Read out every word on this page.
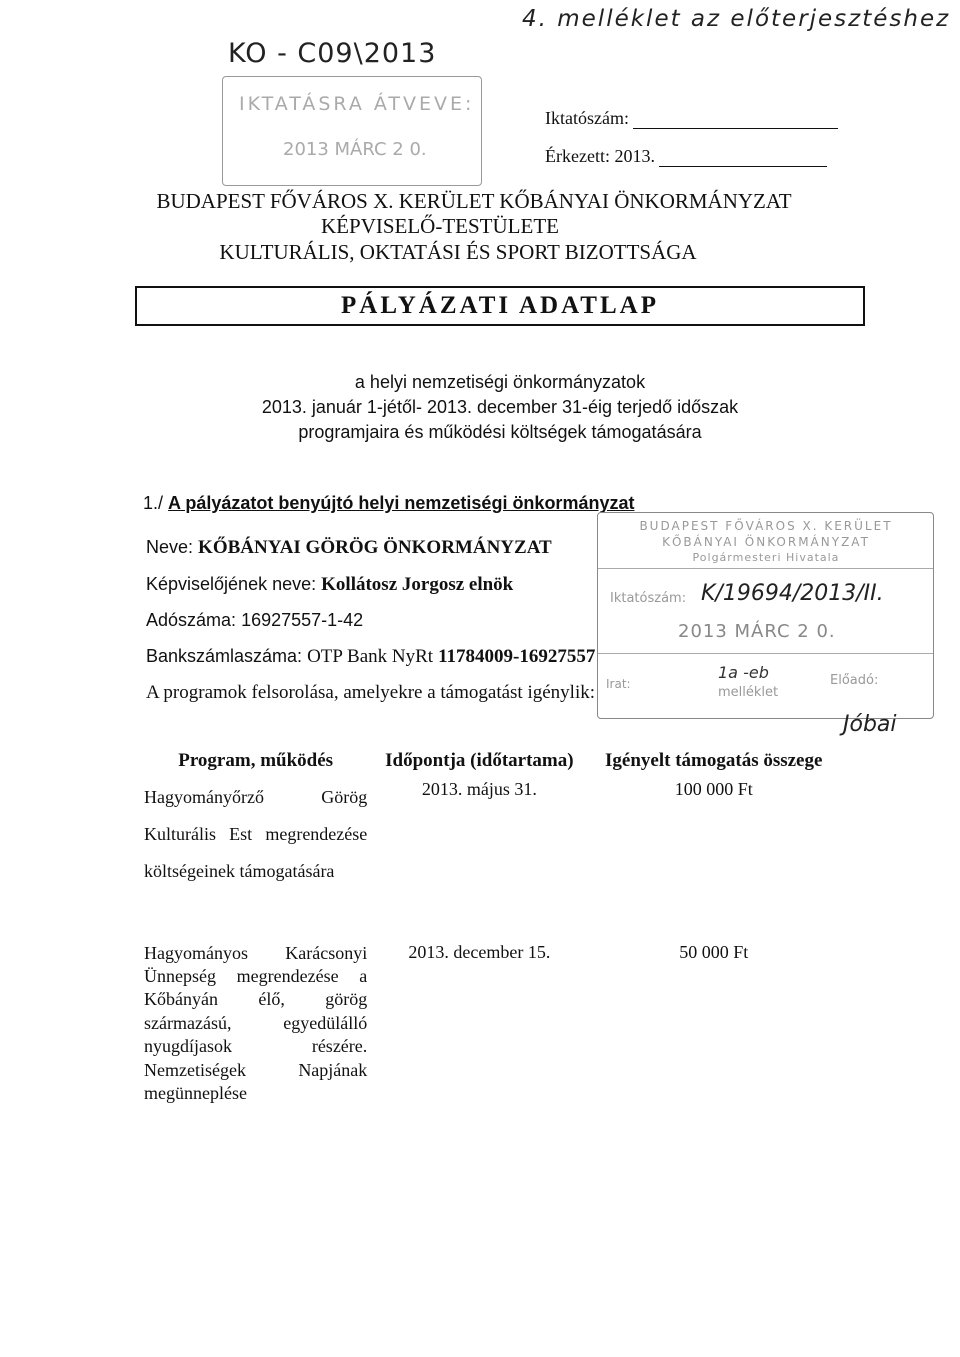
KO - C09\2013
4. melléklet az előterjesztéshez
IKTATÁSRA ÁTVEVE:
2013 MÁRC 2 0.
Iktatószám:
Érkezett: 2013.
BUDAPEST FŐVÁROS X. KERÜLET KŐBÁNYAI ÖNKORMÁNYZAT
KÉPVISELŐ-TESTÜLETE
KULTURÁLIS, OKTATÁSI ÉS SPORT BIZOTTSÁGA
PÁLYÁZATI ADATLAP
a helyi nemzetiségi önkormányzatok
2013. január 1-jétől- 2013. december 31-éig terjedő időszak
programjaira és működési költségek támogatására
1./ A pályázatot benyújtó helyi nemzetiségi önkormányzat
Neve: KŐBÁNYAI GÖRÖG ÖNKORMÁNYZAT
Képviselőjének neve: Kollátosz Jorgosz elnök
Adószáma: 16927557-1-42
Bankszámlaszáma: OTP Bank NyRt 11784009-16927557
A programok felsorolása, amelyekre a támogatást igénylik:
BUDAPEST FŐVÁROS X. KERÜLET
KŐBÁNYAI ÖNKORMÁNYZAT
Polgármesteri Hivatala
Iktatószám: K/19694/2013/II.
2013 MÁRC 2 0.
Irat:
1a -eb
melléklet
Előadó:
Jóbai
Program, működés	Időpontja (időtartama)	Igényelt támogatás összege
Hagyományőrző Görög Kulturális Est megrendezése költségeinek támogatására	2013. május 31.	100 000 Ft
Hagyományos Karácsonyi Ünnepség megrendezése a Kőbányán élő, görög származású, egyedülálló nyugdíjasok részére. Nemzetiségek Napjának megünneplése	2013. december 15.	50 000 Ft
